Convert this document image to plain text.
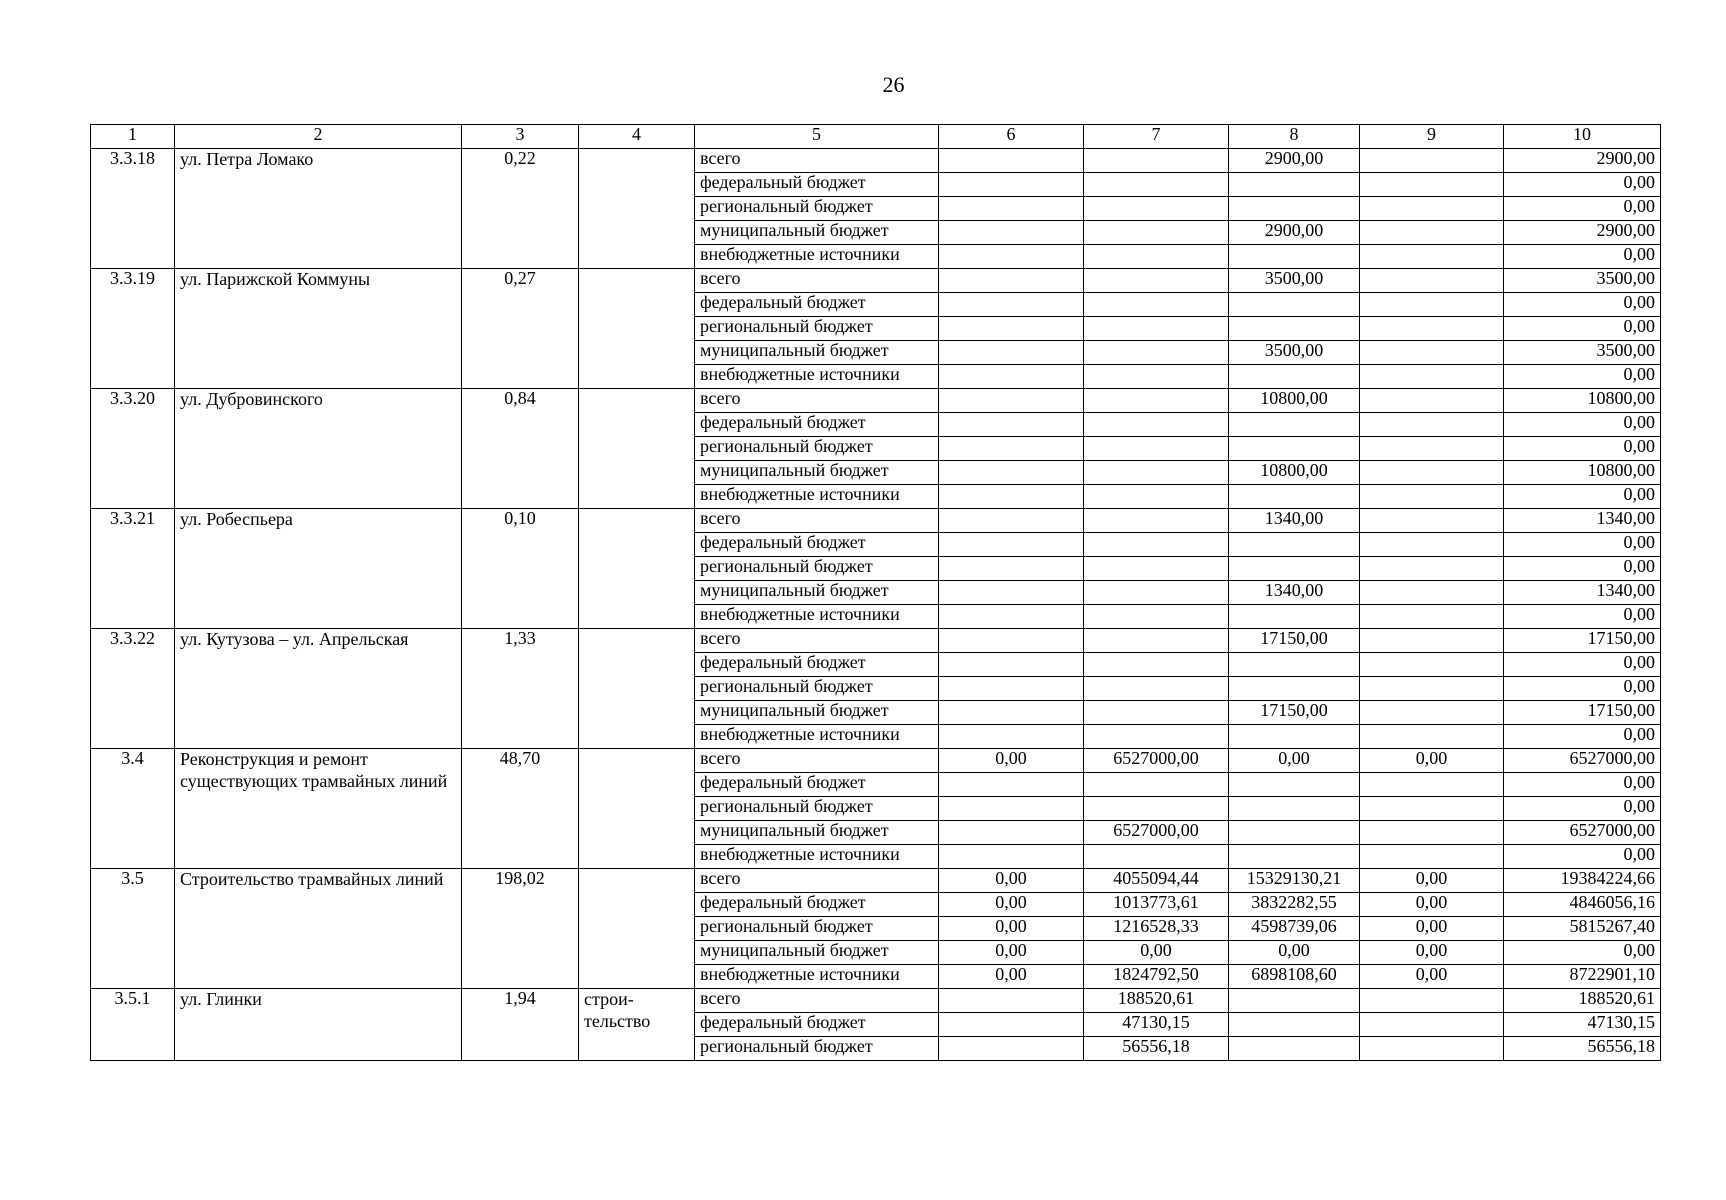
26
1	2	3	4	5	6	7	8	9	10
3.3.18	ул. Петра Ломако	0,22		всего			2900,00		2900,00
				федеральный бюджет					0,00
				региональный бюджет					0,00
				муниципальный бюджет			2900,00		2900,00
				внебюджетные источники					0,00
3.3.19	ул. Парижской Коммуны	0,27		всего			3500,00		3500,00
				федеральный бюджет					0,00
				региональный бюджет					0,00
				муниципальный бюджет			3500,00		3500,00
				внебюджетные источники					0,00
3.3.20	ул. Дубровинского	0,84		всего			10800,00		10800,00
				федеральный бюджет					0,00
				региональный бюджет					0,00
				муниципальный бюджет			10800,00		10800,00
				внебюджетные источники					0,00
3.3.21	ул. Робеспьера	0,10		всего			1340,00		1340,00
				федеральный бюджет					0,00
				региональный бюджет					0,00
				муниципальный бюджет			1340,00		1340,00
				внебюджетные источники					0,00
3.3.22	ул. Кутузова – ул. Апрельская	1,33		всего			17150,00		17150,00
				федеральный бюджет					0,00
				региональный бюджет					0,00
				муниципальный бюджет			17150,00		17150,00
				внебюджетные источники					0,00
3.4	Реконструкция и ремонт существующих трамвайных линий	48,70		всего	0,00	6527000,00	0,00	0,00	6527000,00
				федеральный бюджет					0,00
				региональный бюджет					0,00
				муниципальный бюджет		6527000,00			6527000,00
				внебюджетные источники					0,00
3.5	Строительство трамвайных линий	198,02		всего	0,00	4055094,44	15329130,21	0,00	19384224,66
				федеральный бюджет	0,00	1013773,61	3832282,55	0,00	4846056,16
				региональный бюджет	0,00	1216528,33	4598739,06	0,00	5815267,40
				муниципальный бюджет	0,00	0,00	0,00	0,00	0,00
				внебюджетные источники	0,00	1824792,50	6898108,60	0,00	8722901,10
3.5.1	ул. Глинки	1,94	строи-тельство	всего		188520,61			188520,61
				федеральный бюджет		47130,15			47130,15
				региональный бюджет		56556,18			56556,18
